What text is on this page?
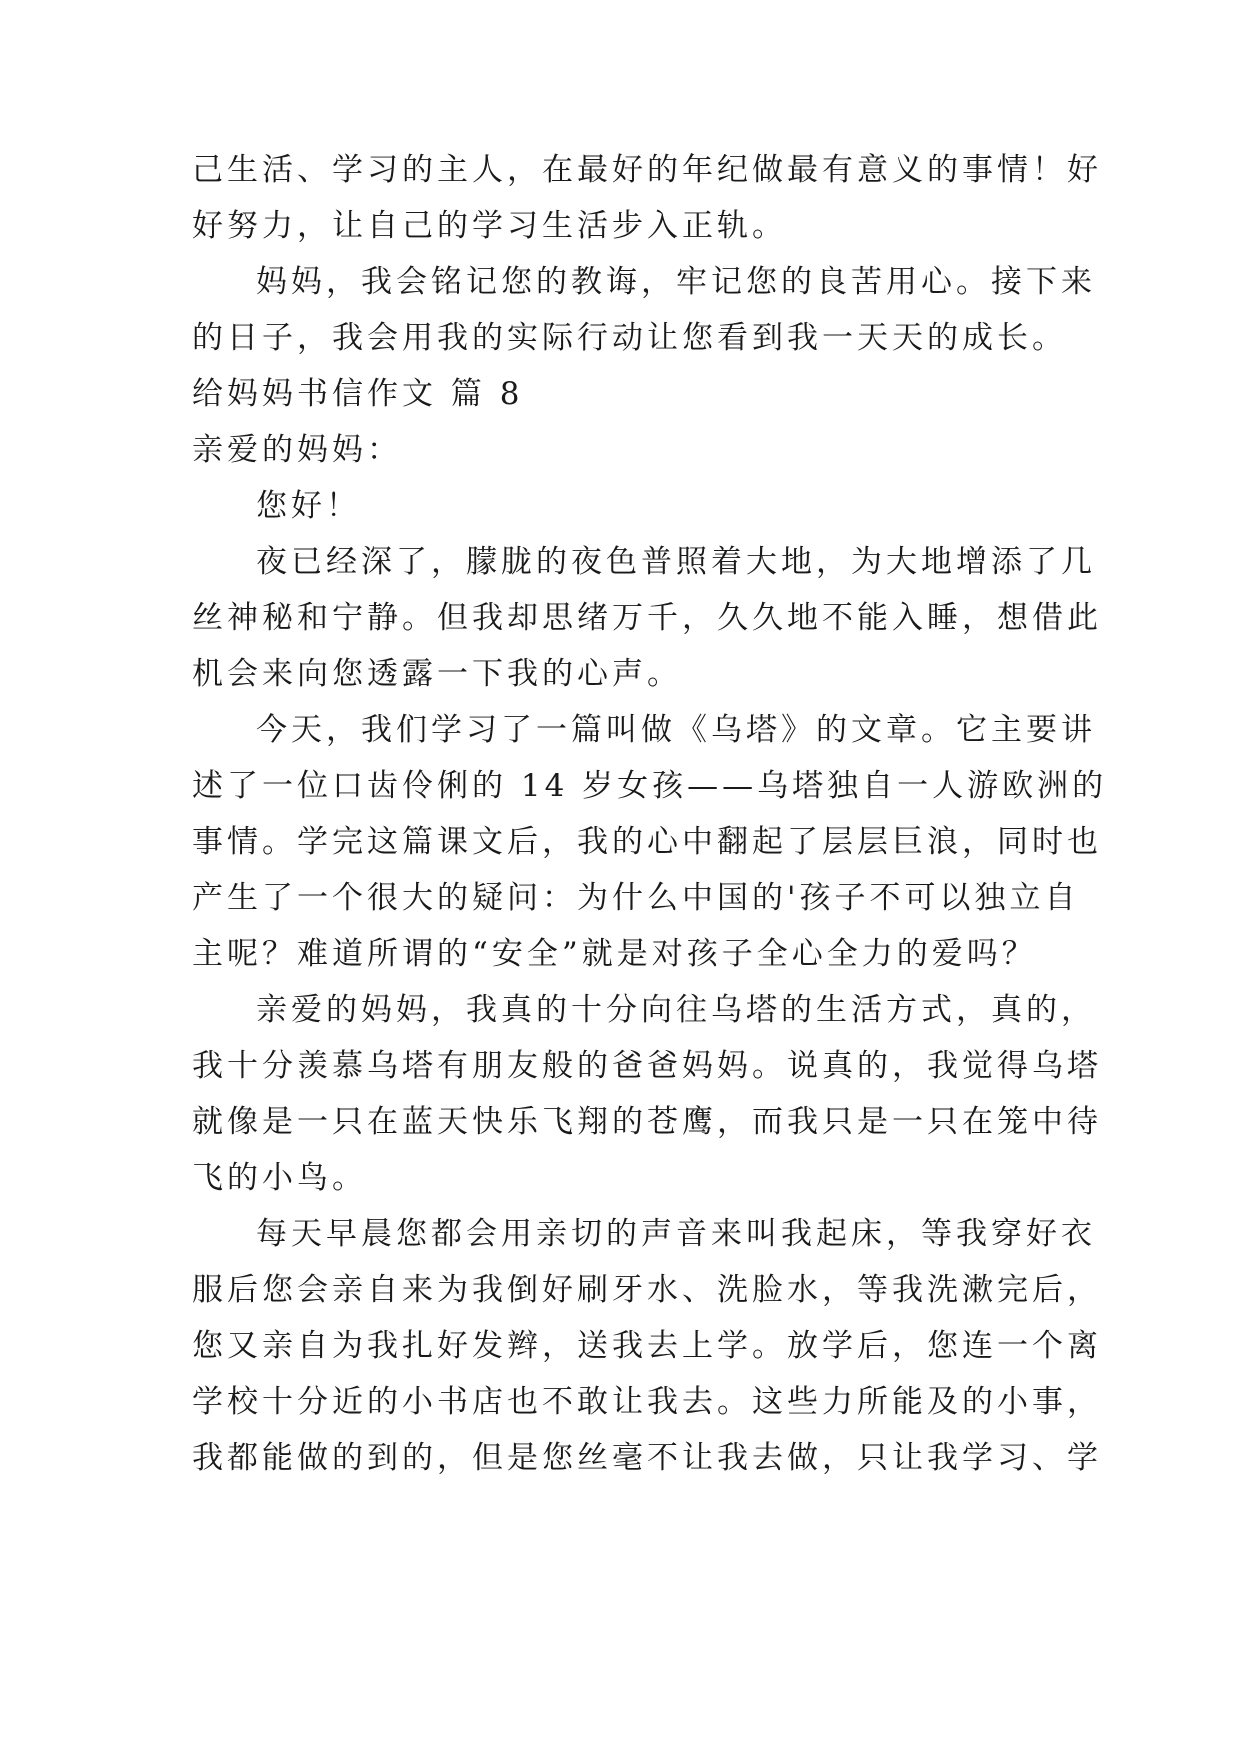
己生活、学习的主人，在最好的年纪做最有意义的事情！好

好努力，让自己的学习生活步入正轨。

妈妈，我会铭记您的教诲，牢记您的良苦用心。接下来

的日子，我会用我的实际行动让您看到我一天天的成长。

给妈妈书信作文 篇 8

亲爱的妈妈：

您好！

夜已经深了，朦胧的夜色普照着大地，为大地增添了几

丝神秘和宁静。但我却思绪万千，久久地不能入睡，想借此

机会来向您透露一下我的心声。

今天，我们学习了一篇叫做《乌塔》的文章。它主要讲

述了一位口齿伶俐的 14 岁女孩——乌塔独自一人游欧洲的

事情。学完这篇课文后，我的心中翻起了层层巨浪，同时也

产生了一个很大的疑问：为什么中国的'孩子不可以独立自

主呢？难道所谓的“安全”就是对孩子全心全力的爱吗？

亲爱的妈妈，我真的十分向往乌塔的生活方式，真的，

我十分羡慕乌塔有朋友般的爸爸妈妈。说真的，我觉得乌塔

就像是一只在蓝天快乐飞翔的苍鹰，而我只是一只在笼中待

飞的小鸟。

每天早晨您都会用亲切的声音来叫我起床，等我穿好衣

服后您会亲自来为我倒好刷牙水、洗脸水，等我洗漱完后，

您又亲自为我扎好发辫，送我去上学。放学后，您连一个离

学校十分近的小书店也不敢让我去。这些力所能及的小事，

我都能做的到的，但是您丝毫不让我去做，只让我学习、学
